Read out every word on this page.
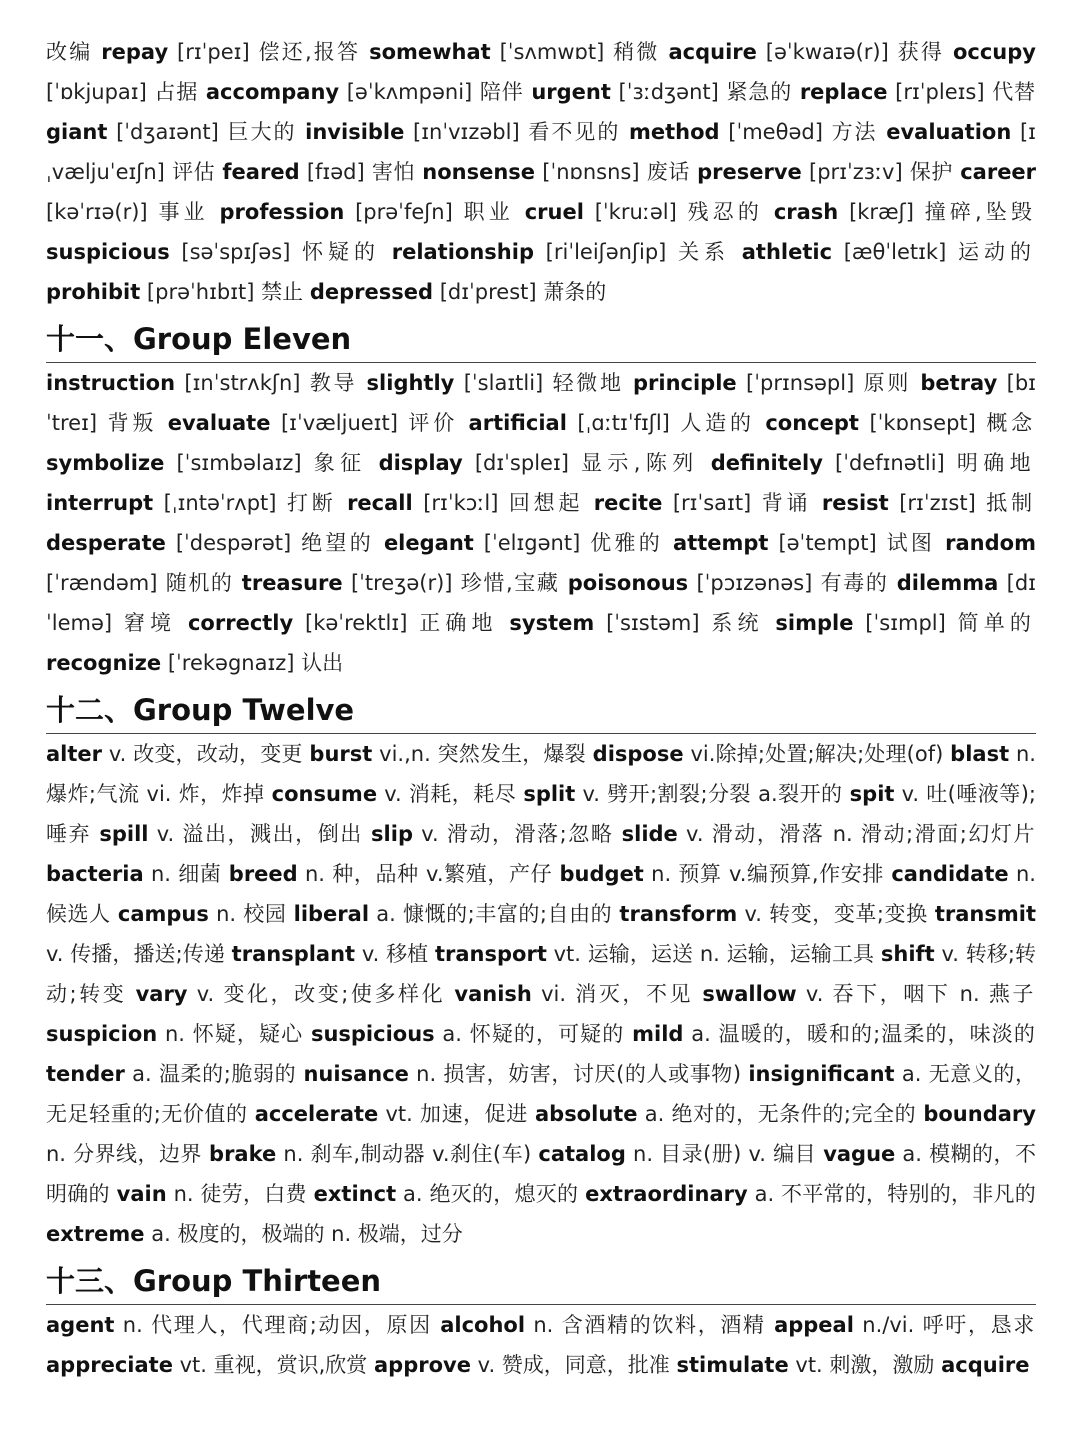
改编 repay [rɪˈpeɪ] 偿还,报答 somewhat [ˈsʌmwɒt] 稍微 acquire [əˈkwaɪə(r)] 获得 occupy [ˈɒkjupaɪ] 占据 accompany [əˈkʌmpəni] 陪伴 urgent [ˈɜːdʒənt] 紧急的 replace [rɪˈpleɪs] 代替 giant [ˈdʒaɪənt] 巨大的 invisible [ɪnˈvɪzəbl] 看不见的 method [ˈmeθəd] 方法 evaluation [ɪˌvæljuˈeɪʃn] 评估 feared [fɪəd] 害怕 nonsense [ˈnɒnsns] 废话 preserve [prɪˈzɜːv] 保护 career [kəˈrɪə(r)] 事业 profession [prəˈfeʃn] 职业 cruel [ˈkruːəl] 残忍的 crash [kræʃ] 撞碎,坠毁 suspicious [səˈspɪʃəs] 怀疑的 relationship [riˈleiʃənʃip] 关系 athletic [æθˈletɪk] 运动的 prohibit [prəˈhɪbɪt] 禁止 depressed [dɪˈprest] 萧条的

十一、Group Eleven

instruction [ɪnˈstrʌkʃn] 教导 slightly [ˈslaɪtli] 轻微地 principle [ˈprɪnsəpl] 原则 betray [bɪˈtreɪ] 背叛 evaluate [ɪˈvæljueɪt] 评价 artificial [ˌɑːtɪˈfɪʃl] 人造的 concept [ˈkɒnsept] 概念 symbolize [ˈsɪmbəlaɪz] 象征 display [dɪˈspleɪ] 显示,陈列 definitely [ˈdefɪnətli] 明确地 interrupt [ˌɪntəˈrʌpt] 打断 recall [rɪˈkɔːl] 回想起 recite [rɪˈsaɪt] 背诵 resist [rɪˈzɪst] 抵制 desperate [ˈdespərət] 绝望的 elegant [ˈelɪgənt] 优雅的 attempt [əˈtempt] 试图 random [ˈrændəm] 随机的 treasure [ˈtreʒə(r)] 珍惜,宝藏 poisonous [ˈpɔɪzənəs] 有毒的 dilemma [dɪˈlemə] 窘境 correctly [kəˈrektlɪ] 正确地 system [ˈsɪstəm] 系统 simple [ˈsɪmpl] 简单的 recognize [ˈrekəgnaɪz] 认出

十二、Group Twelve

alter v. 改变，改动，变更 burst vi.,n. 突然发生，爆裂 dispose vi.除掉;处置;解决;处理(of) blast n. 爆炸;气流 vi. 炸，炸掉 consume v. 消耗，耗尽 split v. 劈开;割裂;分裂 a.裂开的 spit v. 吐(唾液等);唾弃 spill v. 溢出，溅出，倒出 slip v. 滑动，滑落;忽略 slide v. 滑动，滑落 n. 滑动;滑面;幻灯片 bacteria n. 细菌 breed n. 种，品种 v.繁殖，产仔 budget n. 预算 v.编预算,作安排 candidate n. 候选人 campus n. 校园 liberal a. 慷慨的;丰富的;自由的 transform v. 转变，变革;变换 transmit v. 传播，播送;传递 transplant v. 移植 transport vt. 运输，运送 n. 运输，运输工具 shift v. 转移;转动;转变 vary v. 变化，改变;使多样化 vanish vi. 消灭，不见 swallow v. 吞下，咽下 n. 燕子 suspicion n. 怀疑，疑心 suspicious a. 怀疑的，可疑的 mild a. 温暖的，暖和的;温柔的，味淡的 tender a. 温柔的;脆弱的 nuisance n. 损害，妨害，讨厌(的人或事物) insignificant a. 无意义的，无足轻重的;无价值的 accelerate vt. 加速，促进 absolute a. 绝对的，无条件的;完全的 boundary n. 分界线，边界 brake n. 刹车,制动器 v.刹住(车) catalog n. 目录(册) v. 编目 vague a. 模糊的，不明确的 vain n. 徒劳，白费 extinct a. 绝灭的，熄灭的 extraordinary a. 不平常的，特别的，非凡的 extreme a. 极度的，极端的 n. 极端，过分

十三、Group Thirteen

agent n. 代理人，代理商;动因，原因 alcohol n. 含酒精的饮料，酒精 appeal n./vi. 呼吁，恳求 appreciate vt. 重视，赏识,欣赏 approve v. 赞成，同意，批准 stimulate vt. 刺激，激励 acquire
